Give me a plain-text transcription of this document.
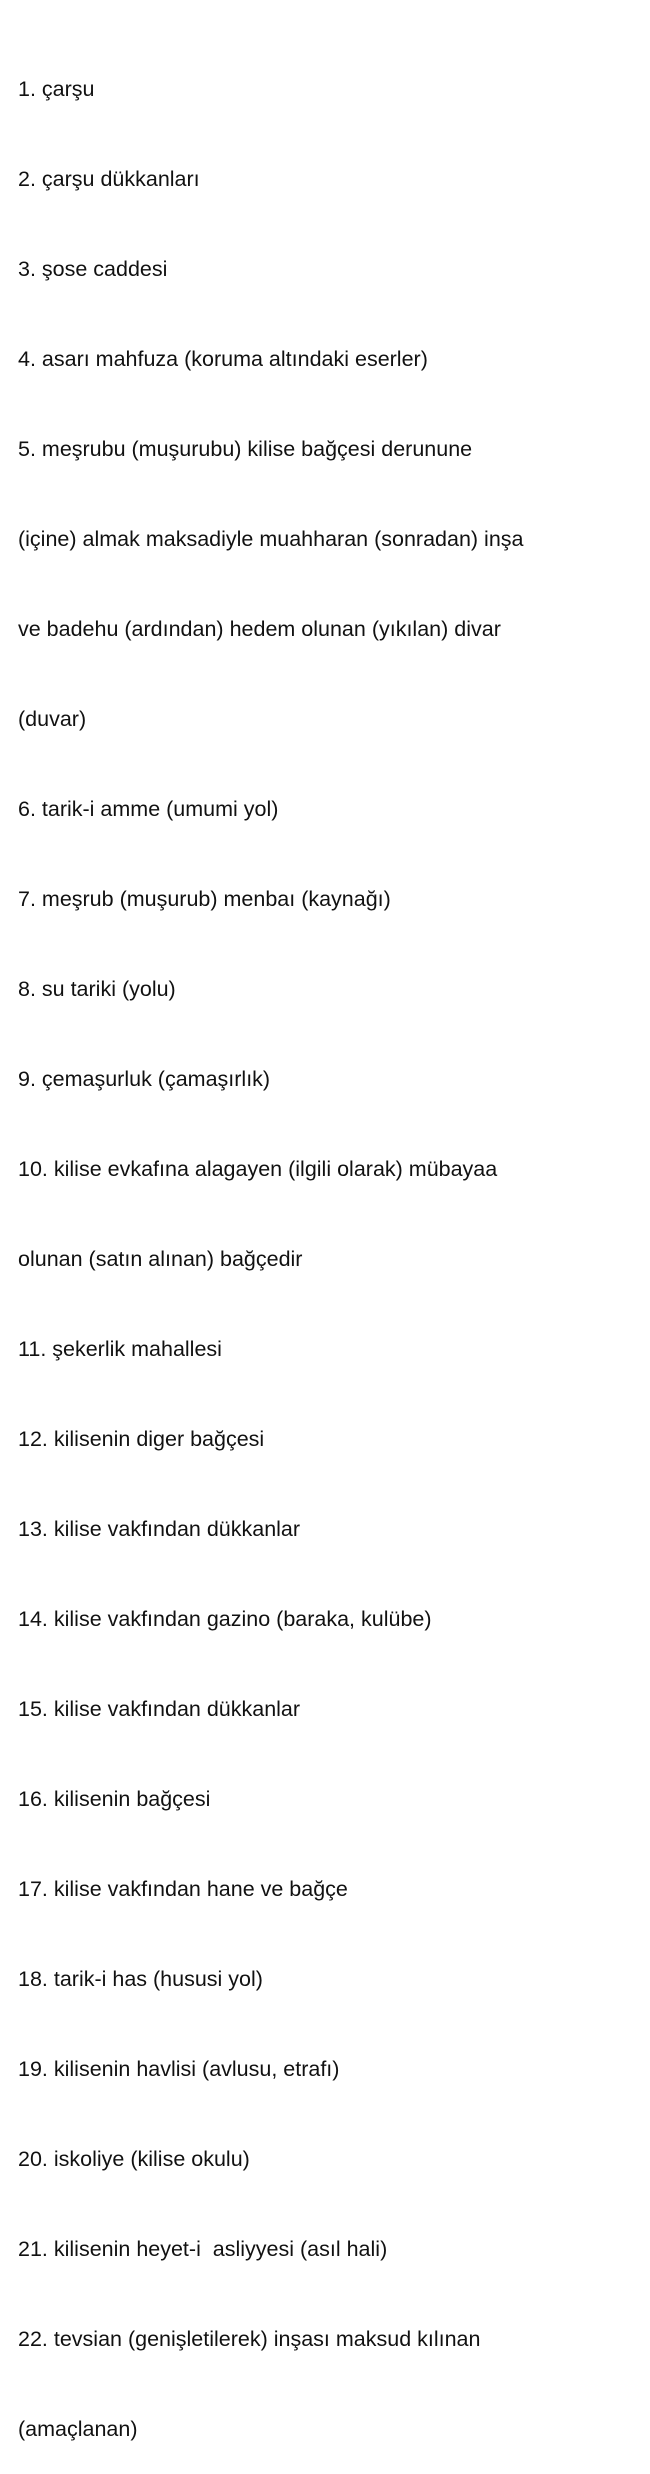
1. çarşu

2. çarşu dükkanları

3. şose caddesi

4. asarı mahfuza (koruma altındaki eserler)

5. meşrubu (muşurubu) kilise bağçesi derunune

(içine) almak maksadiyle muahharan (sonradan) inşa

ve badehu (ardından) hedem olunan (yıkılan) divar

(duvar)

6. tarik-i amme (umumi yol)

7. meşrub (muşurub) menbaı (kaynağı)

8. su tariki (yolu)

9. çemaşurluk (çamaşırlık)

10. kilise evkafına alagayen (ilgili olarak) mübayaa

olunan (satın alınan) bağçedir

11. şekerlik mahallesi

12. kilisenin diger bağçesi

13. kilise vakfından dükkanlar

14. kilise vakfından gazino (baraka, kulübe)

15. kilise vakfından dükkanlar

16. kilisenin bağçesi

17. kilise vakfından hane ve bağçe

18. tarik-i has (hususi yol)

19. kilisenin havlisi (avlusu, etrafı)

20. iskoliye (kilise okulu)

21. kilisenin heyet-i  asliyyesi (asıl hali)

22. tevsian (genişletilerek) inşası maksud kılınan

(amaçlanan)
